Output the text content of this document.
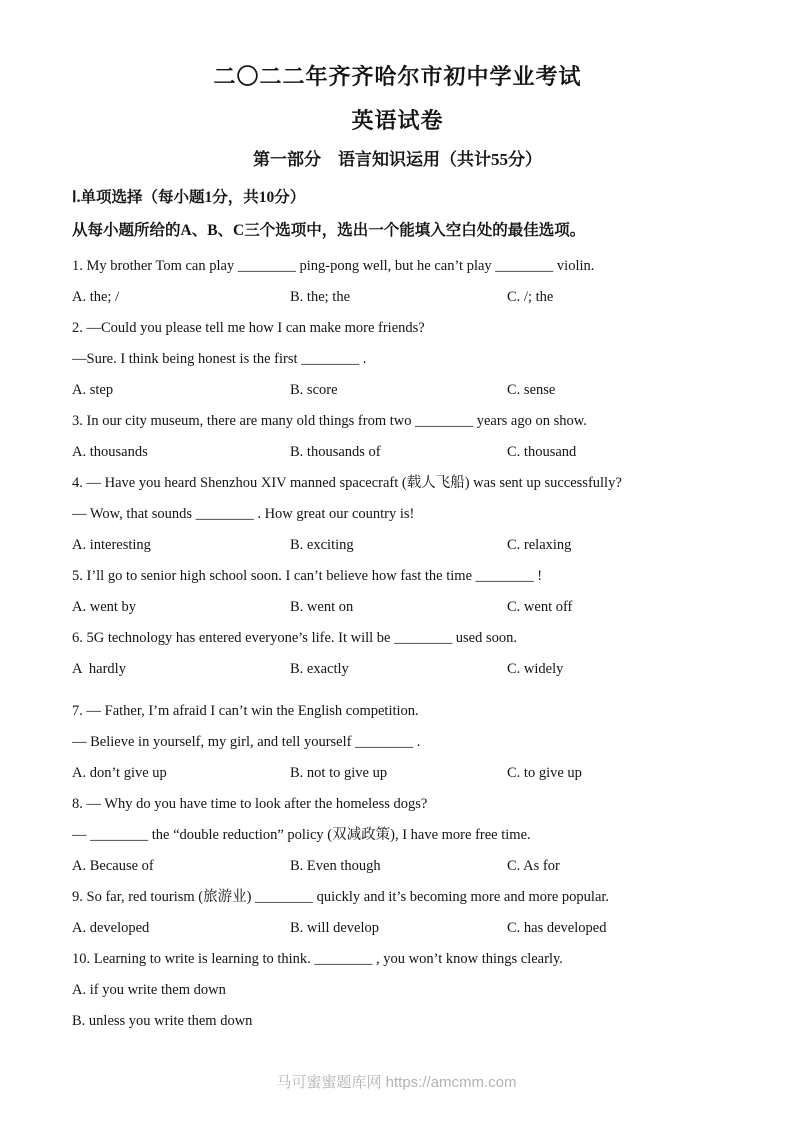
二〇二二年齐齐哈尔市初中学业考试
英语试卷
第一部分　语言知识运用（共计55分）
Ⅰ.单项选择（每小题1分，共10分）
从每小题所给的A、B、C三个选项中，选出一个能填入空白处的最佳选项。
1. My brother Tom can play ________ ping-pong well, but he can’t play ________ violin.
A. the; /	B. the; the	C. /; the
2. —Could you please tell me how I can make more friends?
—Sure. I think being honest is the first ________ .
A. step	B. score	C. sense
3. In our city museum, there are many old things from two ________ years ago on show.
A. thousands	B. thousands of	C. thousand
4. — Have you heard Shenzhou XIV manned spacecraft (载人飞船) was sent up successfully?
— Wow, that sounds ________ . How great our country is!
A. interesting	B. exciting	C. relaxing
5. I’ll go to senior high school soon. I can’t believe how fast the time ________ !
A. went by	B. went on	C. went off
6. 5G technology has entered everyone’s life. It will be ________ used soon.
A  hardly	B. exactly	C. widely
7. — Father, I’m afraid I can’t win the English competition.
— Believe in yourself, my girl, and tell yourself ________ .
A. don’t give up	B. not to give up	C. to give up
8. — Why do you have time to look after the homeless dogs?
— ________ the “double reduction” policy (双减政策), I have more free time.
A. Because of	B. Even though	C. As for
9. So far, red tourism (旅游业) ________ quickly and it’s becoming more and more popular.
A. developed	B. will develop	C. has developed
10. Learning to write is learning to think. ________ , you won’t know things clearly.
A. if you write them down
B. unless you write them down
马可蜜蜜题库网 https://amcmm.com
